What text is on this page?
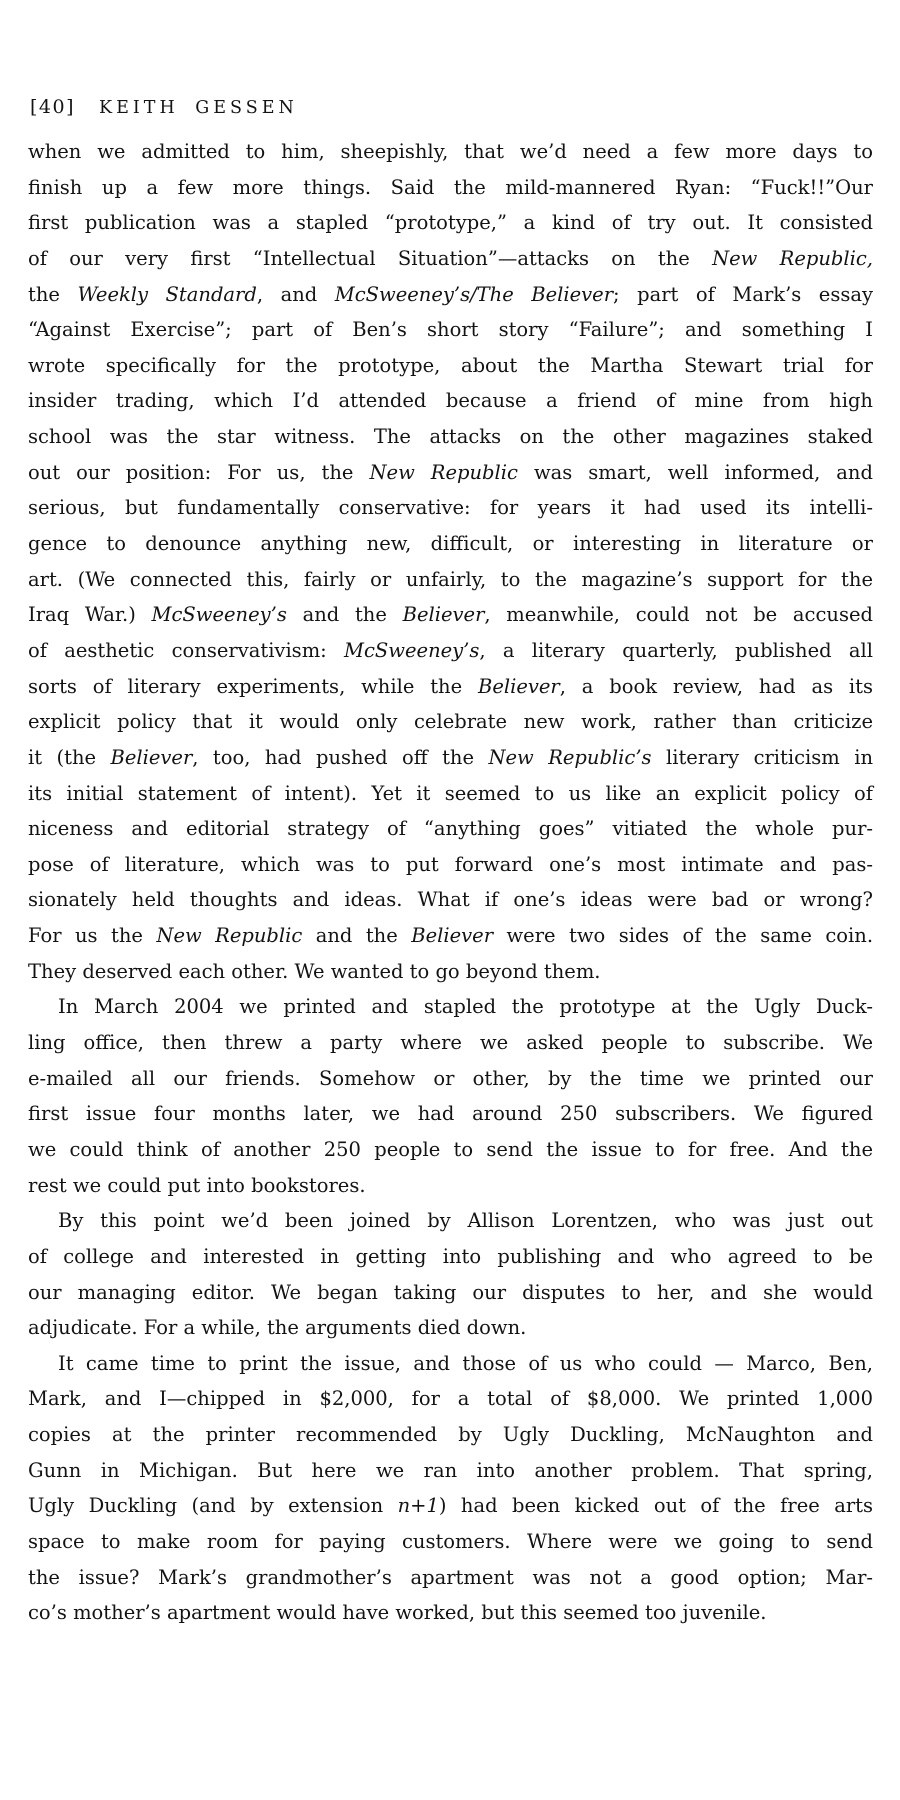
[40] KEITH GESSEN
when we admitted to him, sheepishly, that we’d need a few more days to
finish up a few more things. Said the mild-mannered Ryan: “Fuck!!”Our
first publication was a stapled “prototype,” a kind of try out. It consisted
of our very first “Intellectual Situation”—attacks on the New Republic,
the Weekly Standard, and McSweeney’s/The Believer; part of Mark’s essay
“Against Exercise”; part of Ben’s short story “Failure”; and something I
wrote specifically for the prototype, about the Martha Stewart trial for
insider trading, which I’d attended because a friend of mine from high
school was the star witness. The attacks on the other magazines staked
out our position: For us, the New Republic was smart, well informed, and
serious, but fundamentally conservative: for years it had used its intelli-
gence to denounce anything new, difficult, or interesting in literature or
art. (We connected this, fairly or unfairly, to the magazine’s support for the
Iraq War.) McSweeney’s and the Believer, meanwhile, could not be accused
of aesthetic conservativism: McSweeney’s, a literary quarterly, published all
sorts of literary experiments, while the Believer, a book review, had as its
explicit policy that it would only celebrate new work, rather than criticize
it (the Believer, too, had pushed off the New Republic’s literary criticism in
its initial statement of intent). Yet it seemed to us like an explicit policy of
niceness and editorial strategy of “anything goes” vitiated the whole pur-
pose of literature, which was to put forward one’s most intimate and pas-
sionately held thoughts and ideas. What if one’s ideas were bad or wrong?
For us the New Republic and the Believer were two sides of the same coin.
They deserved each other. We wanted to go beyond them.
In March 2004 we printed and stapled the prototype at the Ugly Duck-
ling office, then threw a party where we asked people to subscribe. We
e-mailed all our friends. Somehow or other, by the time we printed our
first issue four months later, we had around 250 subscribers. We figured
we could think of another 250 people to send the issue to for free. And the
rest we could put into bookstores.
By this point we’d been joined by Allison Lorentzen, who was just out
of college and interested in getting into publishing and who agreed to be
our managing editor. We began taking our disputes to her, and she would
adjudicate. For a while, the arguments died down.
It came time to print the issue, and those of us who could — Marco, Ben,
Mark, and I—chipped in $2,000, for a total of $8,000. We printed 1,000
copies at the printer recommended by Ugly Duckling, McNaughton and
Gunn in Michigan. But here we ran into another problem. That spring,
Ugly Duckling (and by extension n+1) had been kicked out of the free arts
space to make room for paying customers. Where were we going to send
the issue? Mark’s grandmother’s apartment was not a good option; Mar-
co’s mother’s apartment would have worked, but this seemed too juvenile.
